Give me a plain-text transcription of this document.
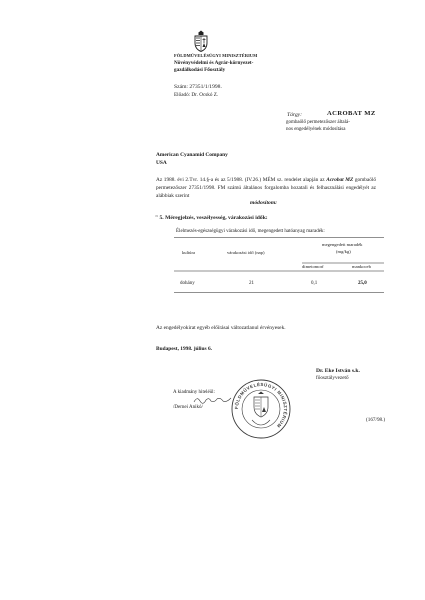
FÖLDMŰVELÉSÜGYI MINISZTÉRIUM
Növényvédelmi és Agrár-környezet-
gazdálkodási Főosztály
Szám: 27351/1/1998.
Előadó: Dr. Ocskó Z.
Tárgy:	ACROBAT MZ
gombaölő permetezőszer általá-
nos engedélyének módosítása
American Cyanamid Company
USA
Az 1988. évi 2.Tvr. 14.§-a és az 5/1988. (IV.26.) MÉM sz. rendelet alapján az Acrobat MZ gombaölő permetezőszer 27351/1998. FM számú általános forgalomba hozatali és felhasználási engedélyét az alábbiak szerint
módosítom:
" 5. Méregjelzés, veszélyesség, várakozási idők:
Élelmezés-egészségügyi várakozási idő, megengedett hatóanyag maradék:
kultúra	várakozási idő (nap)
megengedett maradék
(mg/kg)
dimetomorf	mankoceb
dohány	21	0,1	25,0
Az engedélyokirat egyéb előírásai változatlanul érvényesek.
Budapest, 1998. július 6.
Dr. Eke István s.k.
főosztályvezető
A kiadmány hiteléül:
/Dernei Anikó/	FÖLDMŰVELÉSÜGYI MINISZTÉRIUM
(167/98.)
